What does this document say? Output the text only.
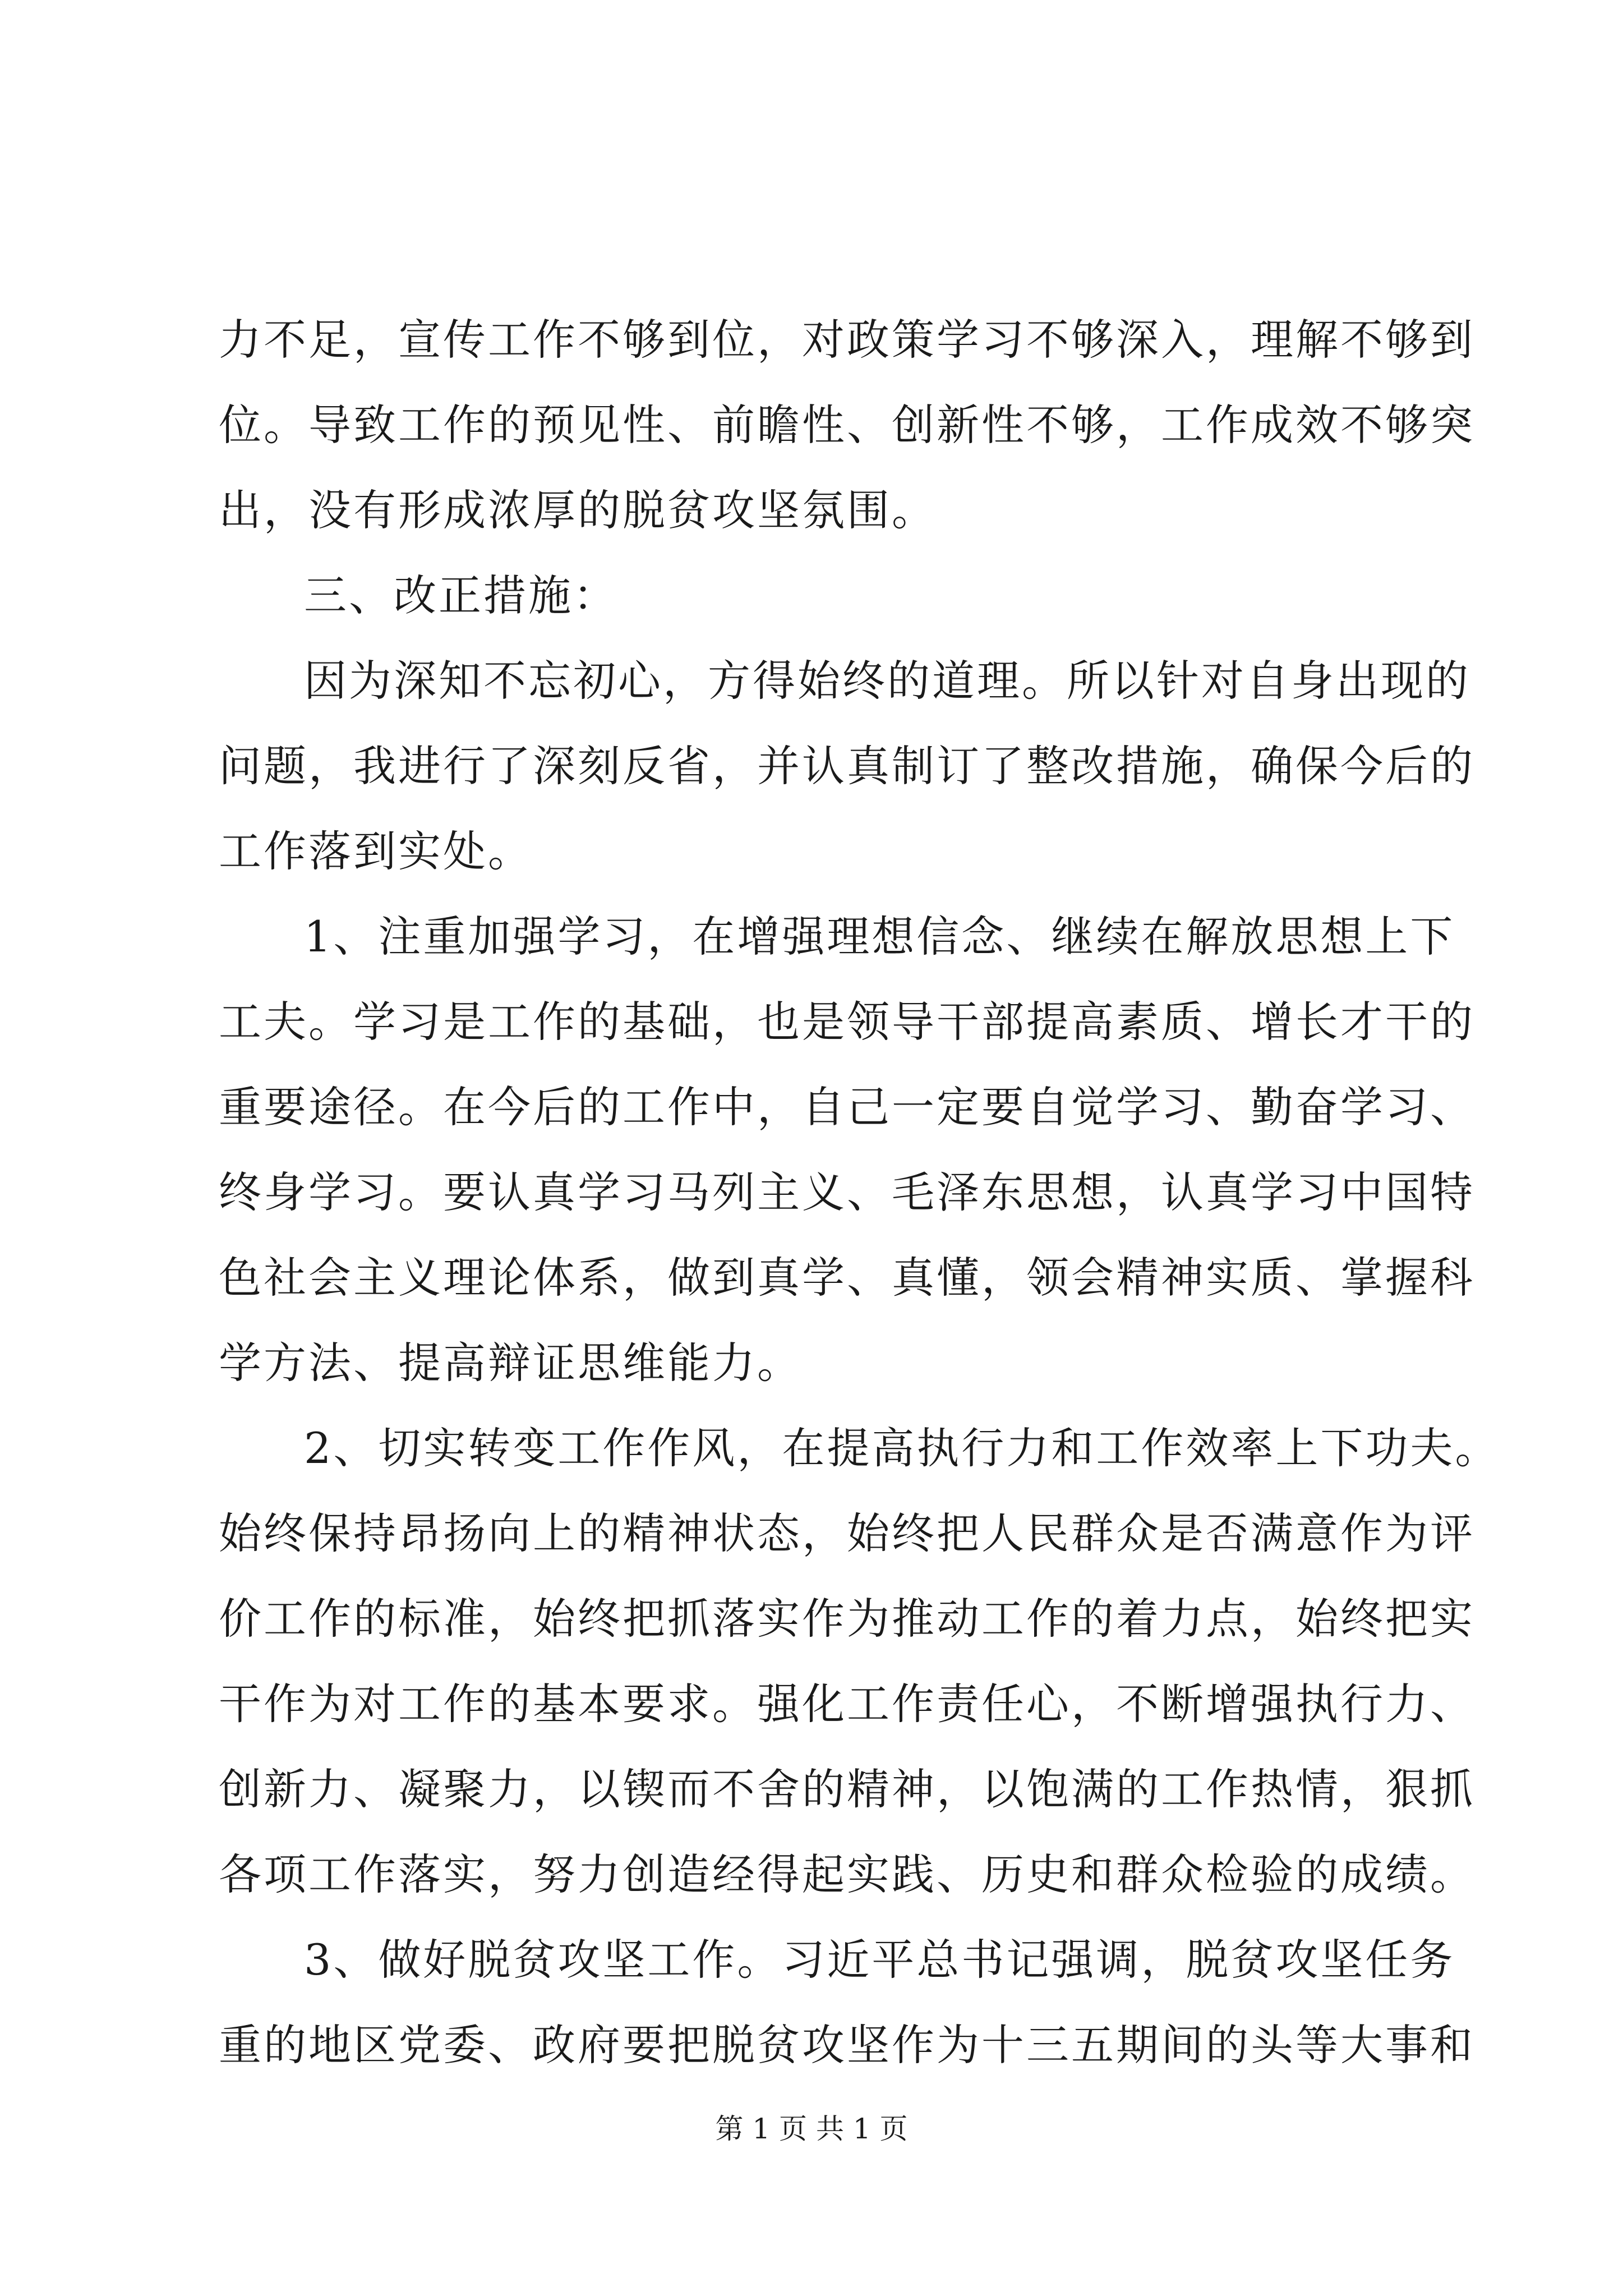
力不足，宣传工作不够到位，对政策学习不够深入，理解不够到
位。导致工作的预见性、前瞻性、创新性不够，工作成效不够突
出，没有形成浓厚的脱贫攻坚氛围。
三、改正措施：
因为深知不忘初心，方得始终的道理。所以针对自身出现的
问题，我进行了深刻反省，并认真制订了整改措施，确保今后的
工作落到实处。
1、注重加强学习，在增强理想信念、继续在解放思想上下
工夫。学习是工作的基础，也是领导干部提高素质、增长才干的
重要途径。在今后的工作中，自己一定要自觉学习、勤奋学习、
终身学习。要认真学习马列主义、毛泽东思想，认真学习中国特
色社会主义理论体系，做到真学、真懂，领会精神实质、掌握科
学方法、提高辩证思维能力。
2、切实转变工作作风，在提高执行力和工作效率上下功夫。
始终保持昂扬向上的精神状态，始终把人民群众是否满意作为评
价工作的标准，始终把抓落实作为推动工作的着力点，始终把实
干作为对工作的基本要求。强化工作责任心，不断增强执行力、
创新力、凝聚力，以锲而不舍的精神，以饱满的工作热情，狠抓
各项工作落实，努力创造经得起实践、历史和群众检验的成绩。
3、做好脱贫攻坚工作。习近平总书记强调，脱贫攻坚任务
重的地区党委、政府要把脱贫攻坚作为十三五期间的头等大事和
第 1 页 共 1 页
